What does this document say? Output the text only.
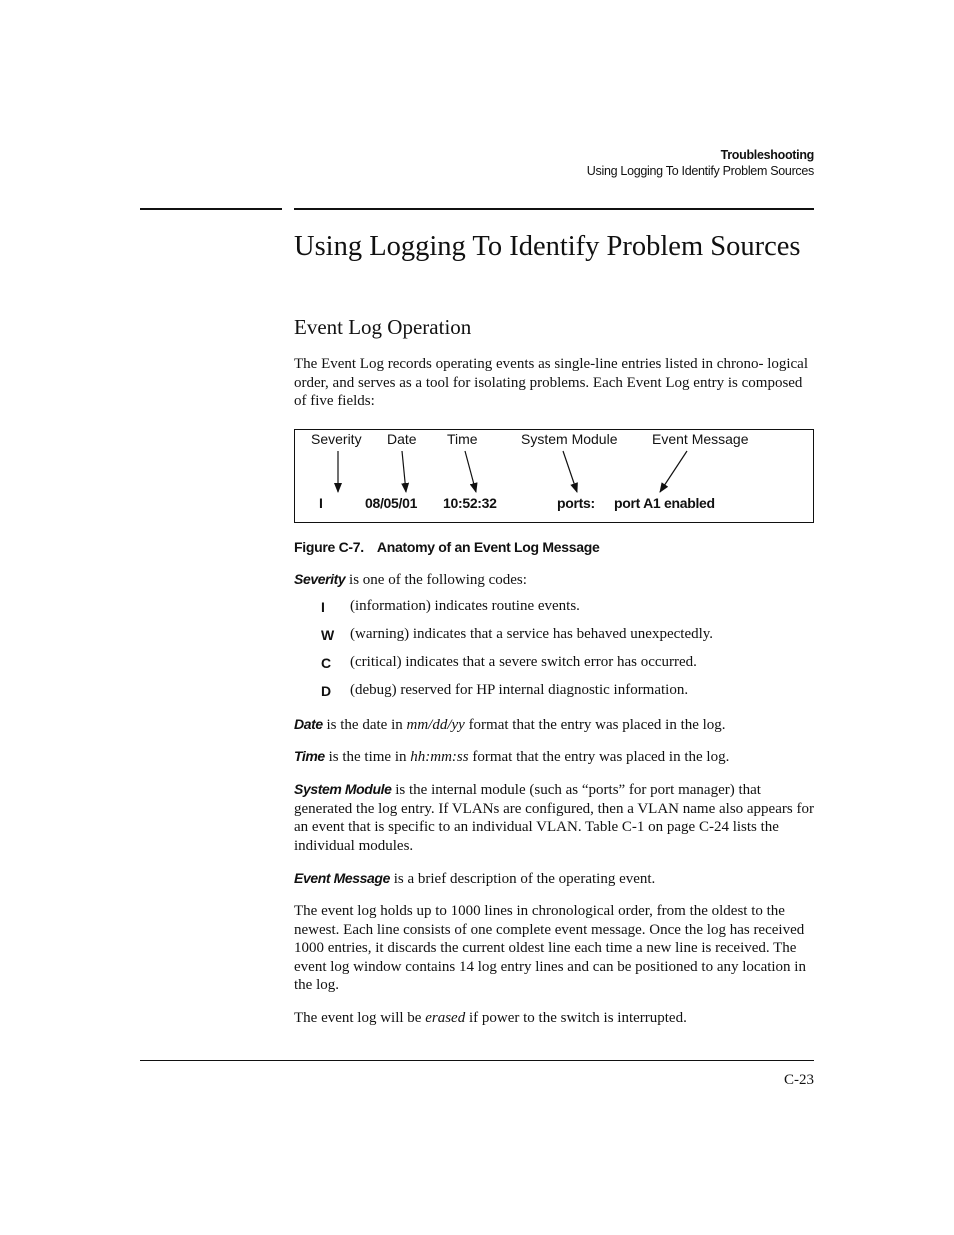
Troubleshooting
Using Logging To Identify Problem Sources
Using Logging To Identify Problem Sources
Event Log Operation
The Event Log records operating events as single-line entries listed in chrono- logical order, and serves as a tool for isolating problems. Each Event Log entry is composed of five fields:
Severity Date Time	System Module Event Message
I	08/05/01 10:52:32	ports: port A1 enabled
Figure C-7. Anatomy of an Event Log Message
Severity is one of the following codes:
I (information) indicates routine events.
W (warning) indicates that a service has behaved unexpectedly.
C (critical) indicates that a severe switch error has occurred.
D (debug) reserved for HP internal diagnostic information.
Date is the date in mm/dd/yy format that the entry was placed in the log.
Time is the time in hh:mm:ss format that the entry was placed in the log.
System Module is the internal module (such as “ports” for port manager) that generated the log entry. If VLANs are configured, then a VLAN name also appears for an event that is specific to an individual VLAN. Table C-1 on page C-24 lists the individual modules.
Event Message is a brief description of the operating event.
The event log holds up to 1000 lines in chronological order, from the oldest to the newest. Each line consists of one complete event message. Once the log has received 1000 entries, it discards the current oldest line each time a new line is received. The event log window contains 14 log entry lines and can be positioned to any location in the log.
The event log will be erased if power to the switch is interrupted.
C-23
